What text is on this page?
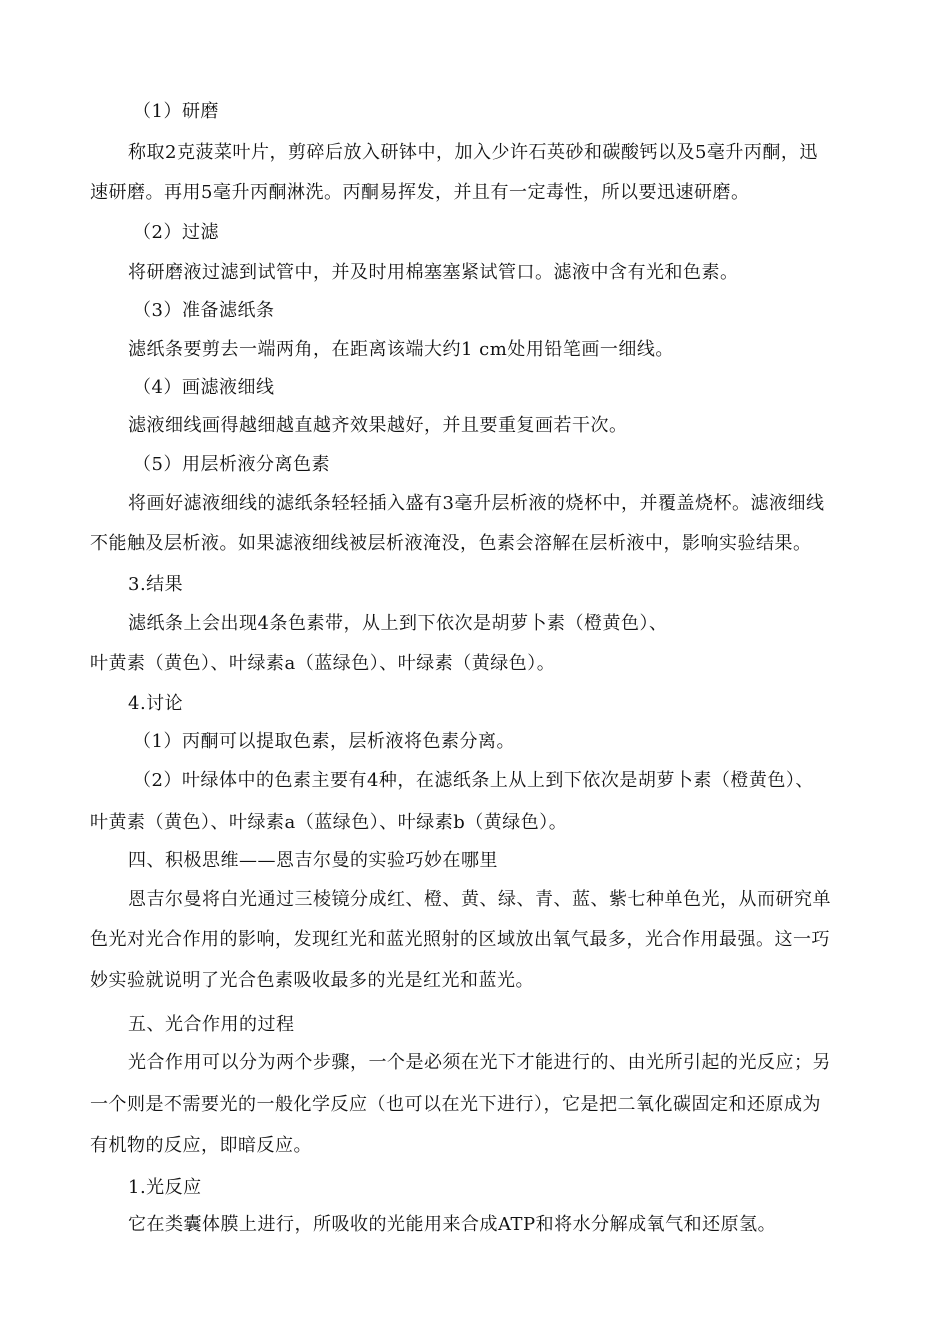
（1）研磨
称取2克菠菜叶片，剪碎后放入研钵中，加入少许石英砂和碳酸钙以及5毫升丙酮，迅
速研磨。再用5毫升丙酮淋洗。丙酮易挥发，并且有一定毒性，所以要迅速研磨。
（2）过滤
将研磨液过滤到试管中，并及时用棉塞塞紧试管口。滤液中含有光和色素。
（3）准备滤纸条
滤纸条要剪去一端两角，在距离该端大约1 cm处用铅笔画一细线。
（4）画滤液细线
滤液细线画得越细越直越齐效果越好，并且要重复画若干次。
（5）用层析液分离色素
将画好滤液细线的滤纸条轻轻插入盛有3毫升层析液的烧杯中，并覆盖烧杯。滤液细线
不能触及层析液。如果滤液细线被层析液淹没，色素会溶解在层析液中，影响实验结果。
3.结果
滤纸条上会出现4条色素带，从上到下依次是胡萝卜素（橙黄色）、
叶黄素（黄色）、叶绿素a（蓝绿色）、叶绿素（黄绿色）。
4.讨论
（1）丙酮可以提取色素，层析液将色素分离。
（2）叶绿体中的色素主要有4种，在滤纸条上从上到下依次是胡萝卜素（橙黄色）、
叶黄素（黄色）、叶绿素a（蓝绿色）、叶绿素b（黄绿色）。
四、积极思维——恩吉尔曼的实验巧妙在哪里
恩吉尔曼将白光通过三棱镜分成红、橙、黄、绿、青、蓝、紫七种单色光，从而研究单
色光对光合作用的影响，发现红光和蓝光照射的区域放出氧气最多，光合作用最强。这一巧
妙实验就说明了光合色素吸收最多的光是红光和蓝光。
五、光合作用的过程
光合作用可以分为两个步骤，一个是必须在光下才能进行的、由光所引起的光反应；另
一个则是不需要光的一般化学反应（也可以在光下进行），它是把二氧化碳固定和还原成为
有机物的反应，即暗反应。
1.光反应
它在类囊体膜上进行，所吸收的光能用来合成ATP和将水分解成氧气和还原氢。
